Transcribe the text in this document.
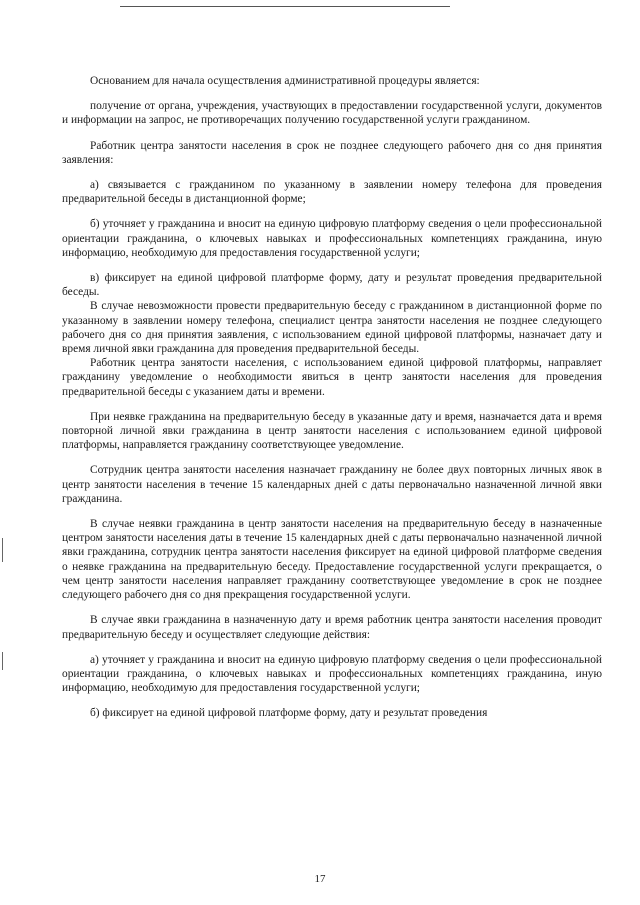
Основанием для начала осуществления административной процедуры является:

получение от органа, учреждения, участвующих в предоставлении государственной услуги, документов и информации на запрос, не противоречащих получению государственной услуги гражданином.

Работник центра занятости населения в срок не позднее следующего рабочего дня со дня принятия заявления:

а) связывается с гражданином по указанному в заявлении номеру телефона для проведения предварительной беседы в дистанционной форме;

б) уточняет у гражданина и вносит на единую цифровую платформу сведения о цели профессиональной ориентации гражданина, о ключевых навыках и профессиональных компетенциях гражданина, иную информацию, необходимую для предоставления государственной услуги;

в) фиксирует на единой цифровой платформе форму, дату и результат проведения предварительной беседы.

В случае невозможности провести предварительную беседу с гражданином в дистанционной форме по указанному в заявлении номеру телефона, специалист центра занятости населения не позднее следующего рабочего дня со дня принятия заявления, с использованием единой цифровой платформы, назначает дату и время личной явки гражданина для проведения предварительной беседы.

Работник центра занятости населения, с использованием единой цифровой платформы, направляет гражданину уведомление о необходимости явиться в центр занятости населения для проведения предварительной беседы с указанием даты и времени.

При неявке гражданина на предварительную беседу в указанные дату и время, назначается дата и время повторной личной явки гражданина в центр занятости населения с использованием единой цифровой платформы, направляется гражданину соответствующее уведомление.

Сотрудник центра занятости населения назначает гражданину не более двух повторных личных явок в центр занятости населения в течение 15 календарных дней с даты первоначально назначенной личной явки гражданина.

В случае неявки гражданина в центр занятости населения на предварительную беседу в назначенные центром занятости населения даты в течение 15 календарных дней с даты первоначально назначенной личной явки гражданина, сотрудник центра занятости населения фиксирует на единой цифровой платформе сведения о неявке гражданина на предварительную беседу. Предоставление государственной услуги прекращается, о чем центр занятости населения направляет гражданину соответствующее уведомление в срок не позднее следующего рабочего дня со дня прекращения государственной услуги.

В случае явки гражданина в назначенную дату и время работник центра занятости населения проводит предварительную беседу и осуществляет следующие действия:

а) уточняет у гражданина и вносит на единую цифровую платформу сведения о цели профессиональной ориентации гражданина, о ключевых навыках и профессиональных компетенциях гражданина, иную информацию, необходимую для предоставления государственной услуги;

б) фиксирует на единой цифровой платформе форму, дату и результат проведения

17
